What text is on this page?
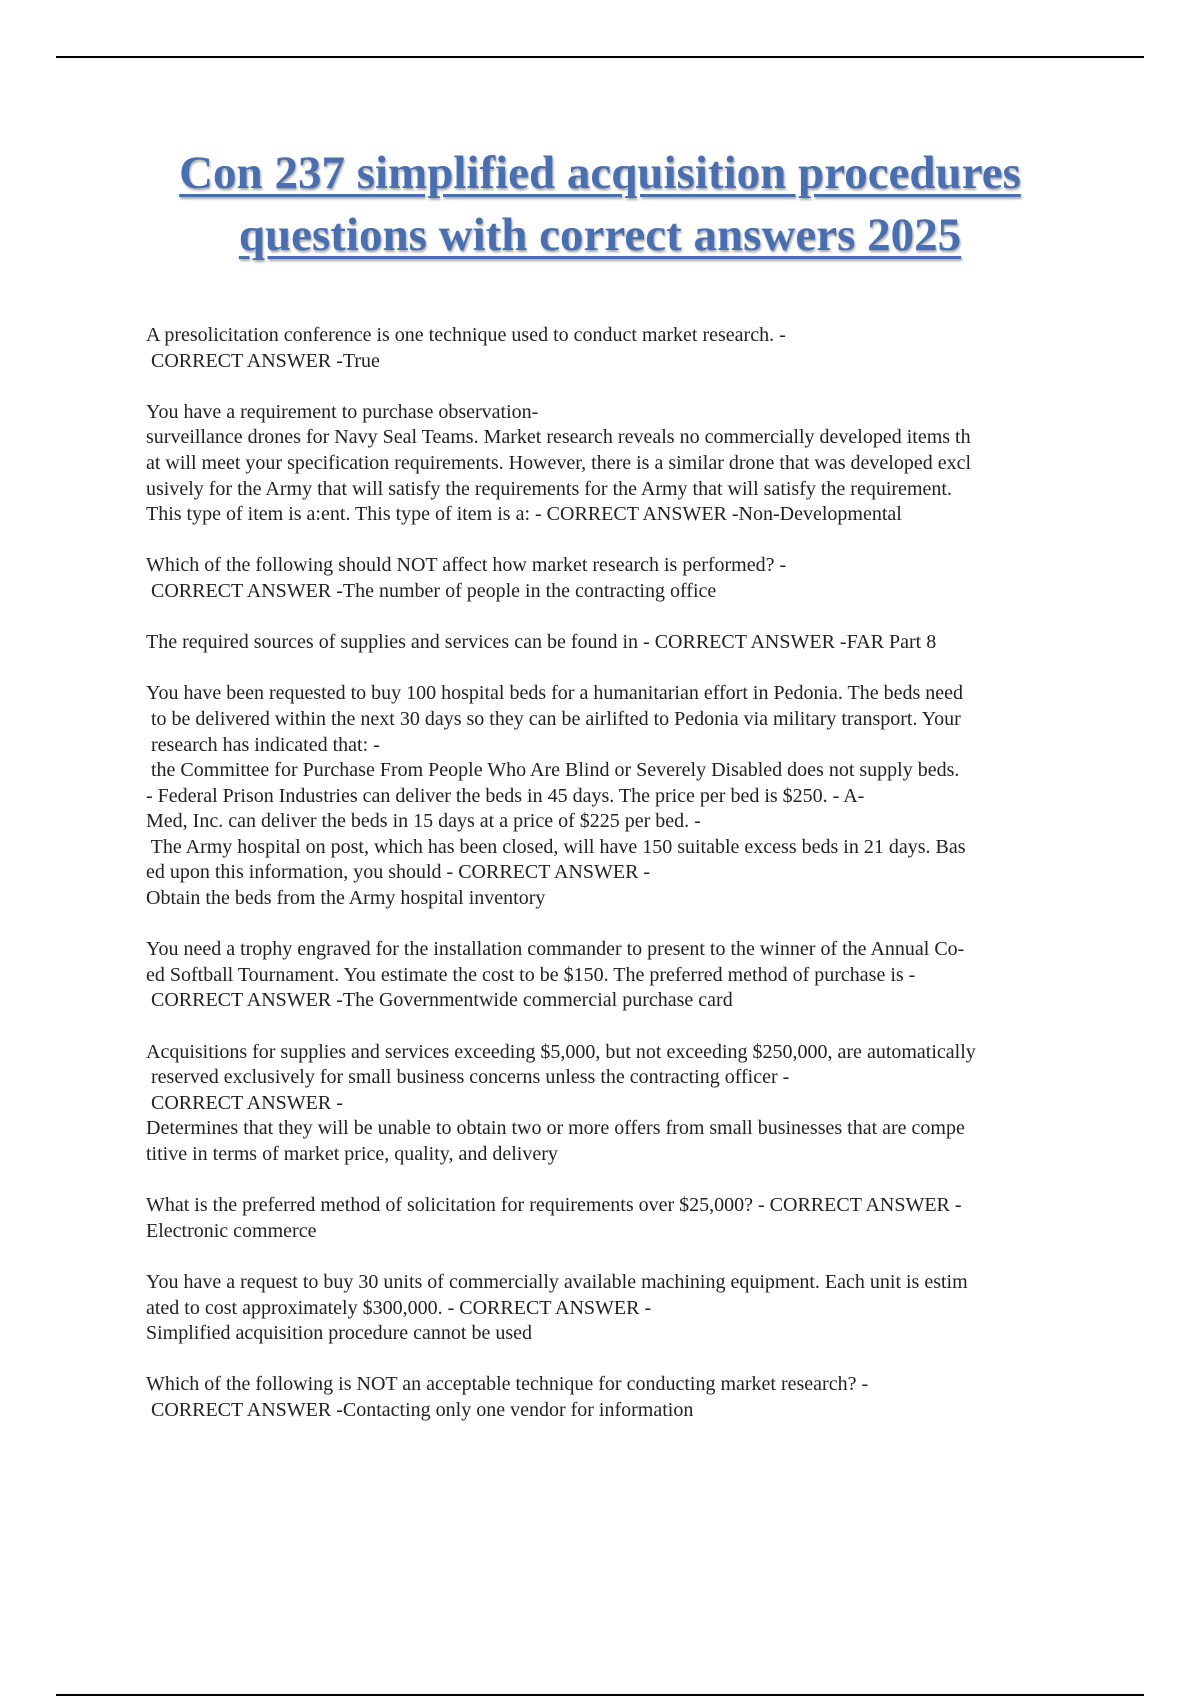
Con 237 simplified acquisition procedures
questions with correct answers 2025
A presolicitation conference is one technique used to conduct market research. -
CORRECT ANSWER -True
You have a requirement to purchase observation-
surveillance drones for Navy Seal Teams. Market research reveals no commercially developed items th
at will meet your specification requirements. However, there is a similar drone that was developed excl
usively for the Army that will satisfy the requirements for the Army that will satisfy the requirement.
This type of item is a:ent. This type of item is a: - CORRECT ANSWER -Non-Developmental
Which of the following should NOT affect how market research is performed? -
CORRECT ANSWER -The number of people in the contracting office
The required sources of supplies and services can be found in - CORRECT ANSWER -FAR Part 8
You have been requested to buy 100 hospital beds for a humanitarian effort in Pedonia. The beds need
to be delivered within the next 30 days so they can be airlifted to Pedonia via military transport. Your
research has indicated that: -
the Committee for Purchase From People Who Are Blind or Severely Disabled does not supply beds.
- Federal Prison Industries can deliver the beds in 45 days. The price per bed is $250. - A-
Med, Inc. can deliver the beds in 15 days at a price of $225 per bed. -
The Army hospital on post, which has been closed, will have 150 suitable excess beds in 21 days. Bas
ed upon this information, you should - CORRECT ANSWER -
Obtain the beds from the Army hospital inventory
You need a trophy engraved for the installation commander to present to the winner of the Annual Co-
ed Softball Tournament. You estimate the cost to be $150. The preferred method of purchase is -
CORRECT ANSWER -The Governmentwide commercial purchase card
Acquisitions for supplies and services exceeding $5,000, but not exceeding $250,000, are automatically
reserved exclusively for small business concerns unless the contracting officer -
CORRECT ANSWER -
Determines that they will be unable to obtain two or more offers from small businesses that are compe
titive in terms of market price, quality, and delivery
What is the preferred method of solicitation for requirements over $25,000? - CORRECT ANSWER -
Electronic commerce
You have a request to buy 30 units of commercially available machining equipment. Each unit is estim
ated to cost approximately $300,000. - CORRECT ANSWER -
Simplified acquisition procedure cannot be used
Which of the following is NOT an acceptable technique for conducting market research? -
CORRECT ANSWER -Contacting only one vendor for information
